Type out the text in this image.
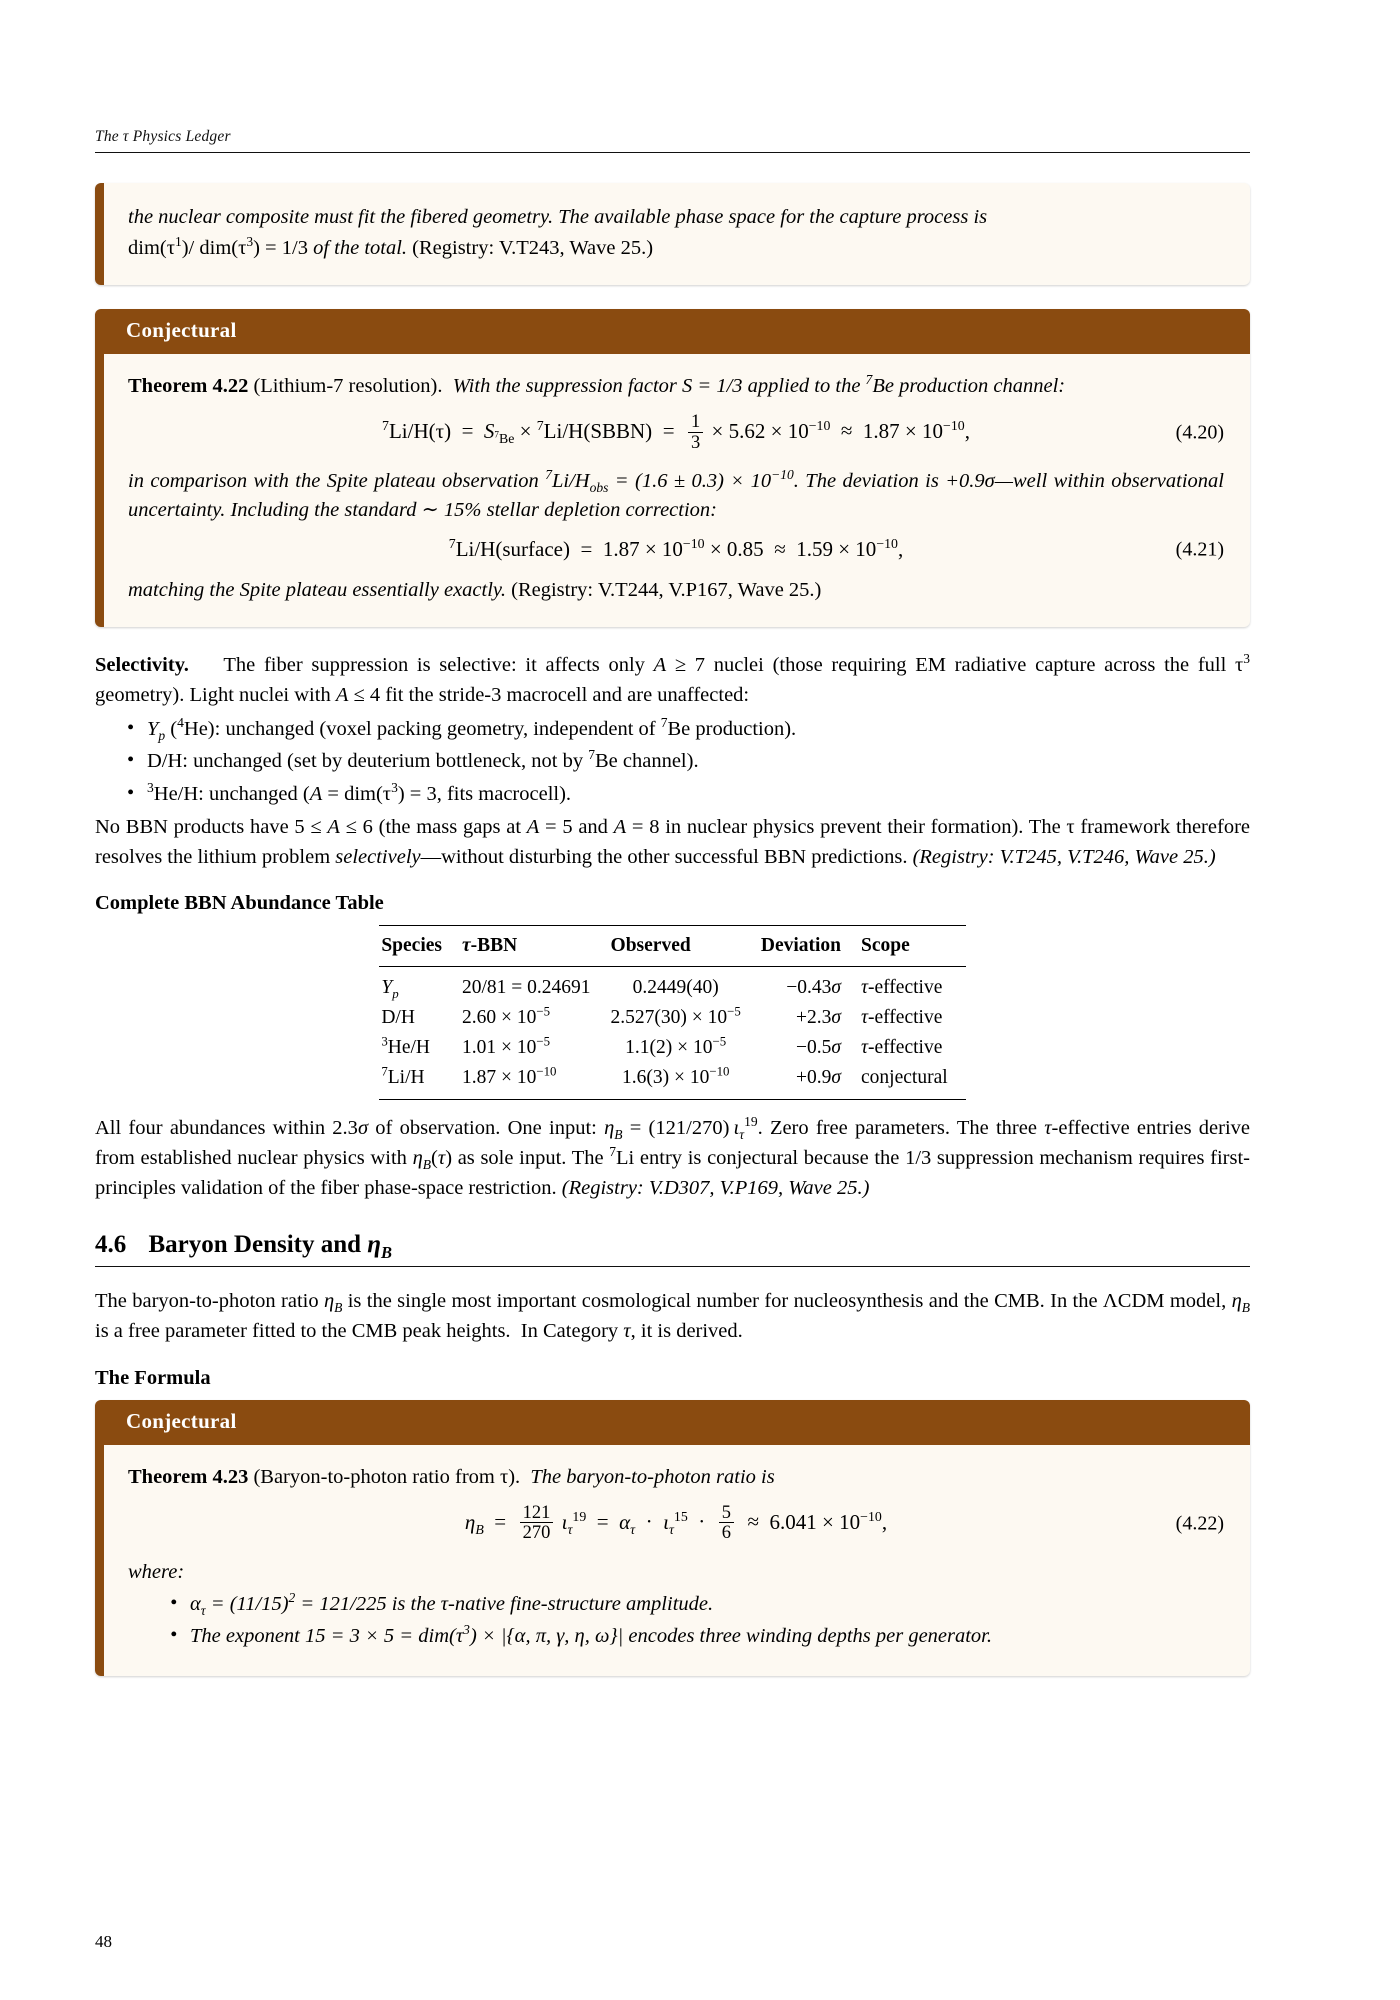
The τ Physics Ledger
the nuclear composite must fit the fibered geometry. The available phase space for the capture process is
$dim(\tau^1)/$ $dim(\tau^3) = 1/3$ of the total. (Registry: V.T243, Wave 25.)
Conjectural
Theorem 4.22 (Lithium-7 resolution). With the suppression factor S = 1/3 applied to the $^7$Be production channel:
$^7Li/H(\tau) = S_{^7Be}$ × $^7$Li/H(SBBN)  = $\frac{1}{3} \times 5.62 \times 10^{-10} \approx 1.87 \times 10^{-10}$,	(4.20)
in comparison with the Spite plateau observation $^7Li/H_{obs} = (1.6 \pm 0.3) \times 10^{-10}$. The deviation is +0.9σ—well within observational uncertainty. Including the standard ∼ 15% stellar depletion correction:
$^7$Li/H(surface)  =  $1.87 \times 10^{-10} \times 0.85 \approx 1.59 \times 10^{-10}$,	(4.21)
matching the Spite plateau essentially exactly. (Registry: V.T244, V.P167, Wave 25.)

Selectivity.    The fiber suppression is selective: it affects only A ≥ 7 nuclei (those requiring EM radiative capture across the full $\tau^3$ geometry). Light nuclei with A ≤ 4 fit the stride-3 macrocell and are unaffected:

• $Y_p$ ($^4$He): unchanged (voxel packing geometry, independent of $^7$Be production).
• D/H: unchanged (set by deuterium bottleneck, not by $^7$Be channel).
• $^3$He/H: unchanged ($A = dim(\tau^3) = 3$, fits macrocell).

No BBN products have 5 ≤ A ≤ 6 (the mass gaps at A = 5 and A = 8 in nuclear physics prevent their formation). The τ framework therefore resolves the lithium problem selectively—without disturbing the other successful BBN predictions. (Registry: V.T245, V.T246, Wave 25.)

Complete BBN Abundance Table
Species	τ-BBN	Observed	Deviation	Scope
$Y_p$	20/81 = 0.24691	0.2449(40)	−0.43σ	τ-effective
D/H	$2.60 \times 10^{-5}$	$2.527(30) \times 10^{-5}$	+2.3σ	τ-effective
$^3$He/H	$1.01 \times 10^{-5}$	$1.1(2) \times 10^{-5}$	−0.5σ	τ-effective
$^7$Li/H	$1.87 \times 10^{-10}$	$1.6(3) \times 10^{-10}$	+0.9σ	conjectural

All four abundances within 2.3σ of observation. One input: $\eta_B = (121/270)$ $\iota_\tau^{19}$. Zero free parameters. The three τ-effective entries derive from established nuclear physics with $\eta_B(\tau)$ as sole input. The $^7$Li entry is conjectural because the 1/3 suppression mechanism requires first-principles validation of the fiber phase-space restriction. (Registry: V.D307, V.P169, Wave 25.)

4.6 Baryon Density and $\eta_B$

The baryon-to-photon ratio $\eta_B$ is the single most important cosmological number for nucleosynthesis and the CMB. In the ΛCDM model, $\eta_B$ is a free parameter fitted to the CMB peak heights.  In Category τ, it is derived.

The Formula
Conjectural
Theorem 4.23 (Baryon-to-photon ratio from τ). The baryon-to-photon ratio is
$\eta_B = \frac{121}{270} \iota_\tau^{19} = \alpha_\tau \cdot \iota_\tau^{15} \cdot \frac{5}{6} \approx 6.041 \times 10^{-10}$,	(4.22)
where:
• $\alpha_\tau = (11/15)^2 = 121/225$ is the τ-native fine-structure amplitude.
• The exponent $15 = 3 \times 5 = dim(\tau^3) \times |\{\alpha$, π, γ, η, ω}| encodes three winding depths per generator.
48
